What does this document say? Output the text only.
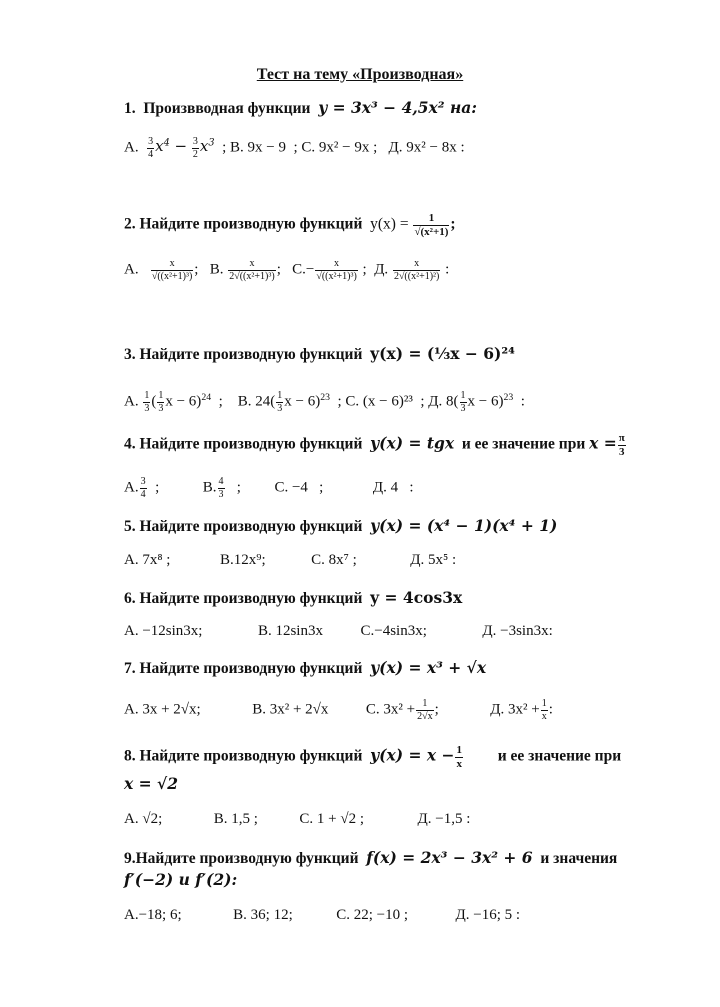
Тест на тему «Производная»
1. Произвводная функции y = 3x³ − 4,5x² на:
А. $\frac{3}{4} x^4 - \frac{3}{2} x^3$ ; В. 9x − 9 ; С. 9x² − 9x ; Д. 9x² − 8x :
2. Найдите производную функций $y(x) = \frac{1}{\text{√(x²+1)}}$ ;
А. $\frac{x}{\text{√((x²+1)³)}}$ ;   В. $\frac{x}{\text{2√((x²+1)³)}}$ ;   $С.- \frac{x}{\text{√((x²+1)³)}}$ ;  Д. $\frac{x}{\text{2√((x²+1)²)}}$ :
3. Найдите производную функций y(x) = (⅓x − 6)²⁴
А. $\frac{1}{3}$ ( $\frac{1}{3}$ x − 6)$^{24}$  ;    В. $24( \frac{1}{3}$ $x - 6)^{23}$ ; С. (x − 6)²³ ; Д. $8( \frac{1}{3}$ $x - 6)^{23}$  :
4. Найдите производную функций y(x) = tgx и ее значение при $x = \frac{\pi}{3}$
А. $\frac{3}{4}$ ;	В. $\frac{4}{3}$ ;  С. −4   ;	Д. 4   :
5. Найдите производную функций y(x) = (x⁴ − 1)(x⁴ + 1)
А. 7x⁸ ;	В.12x⁹;	С. 8x⁷ ;	Д. 5x⁵ :
6. Найдите производную функций y = 4cos3x
А. −12sin3x;	В. 12sin3x	С.−4sin3x;	Д. −3sin3x:
7. Найдите производную функций y(x) = x³ + √x
А. 3x + 2√x;	В. 3x² + 2√x	С. $3x^2 + \frac{1}{2√x}$ ;	Д. $3x^2 + \frac{1}{x}$ :
8. Найдите производную функций $y(x) = x - \frac{1}{x}$ и ее значение при
x = √2
А. √2;	В. 1,5 ;	С. 1 + √2 ;	Д. −1,5 :
9.Найдите производную функций f(x) = 2x³ − 3x² + 6 и значения
f′(−2) и f′(2):
А.−18; 6;	В. 36; 12;	С. 22; −10 ;	Д. −16; 5 :
